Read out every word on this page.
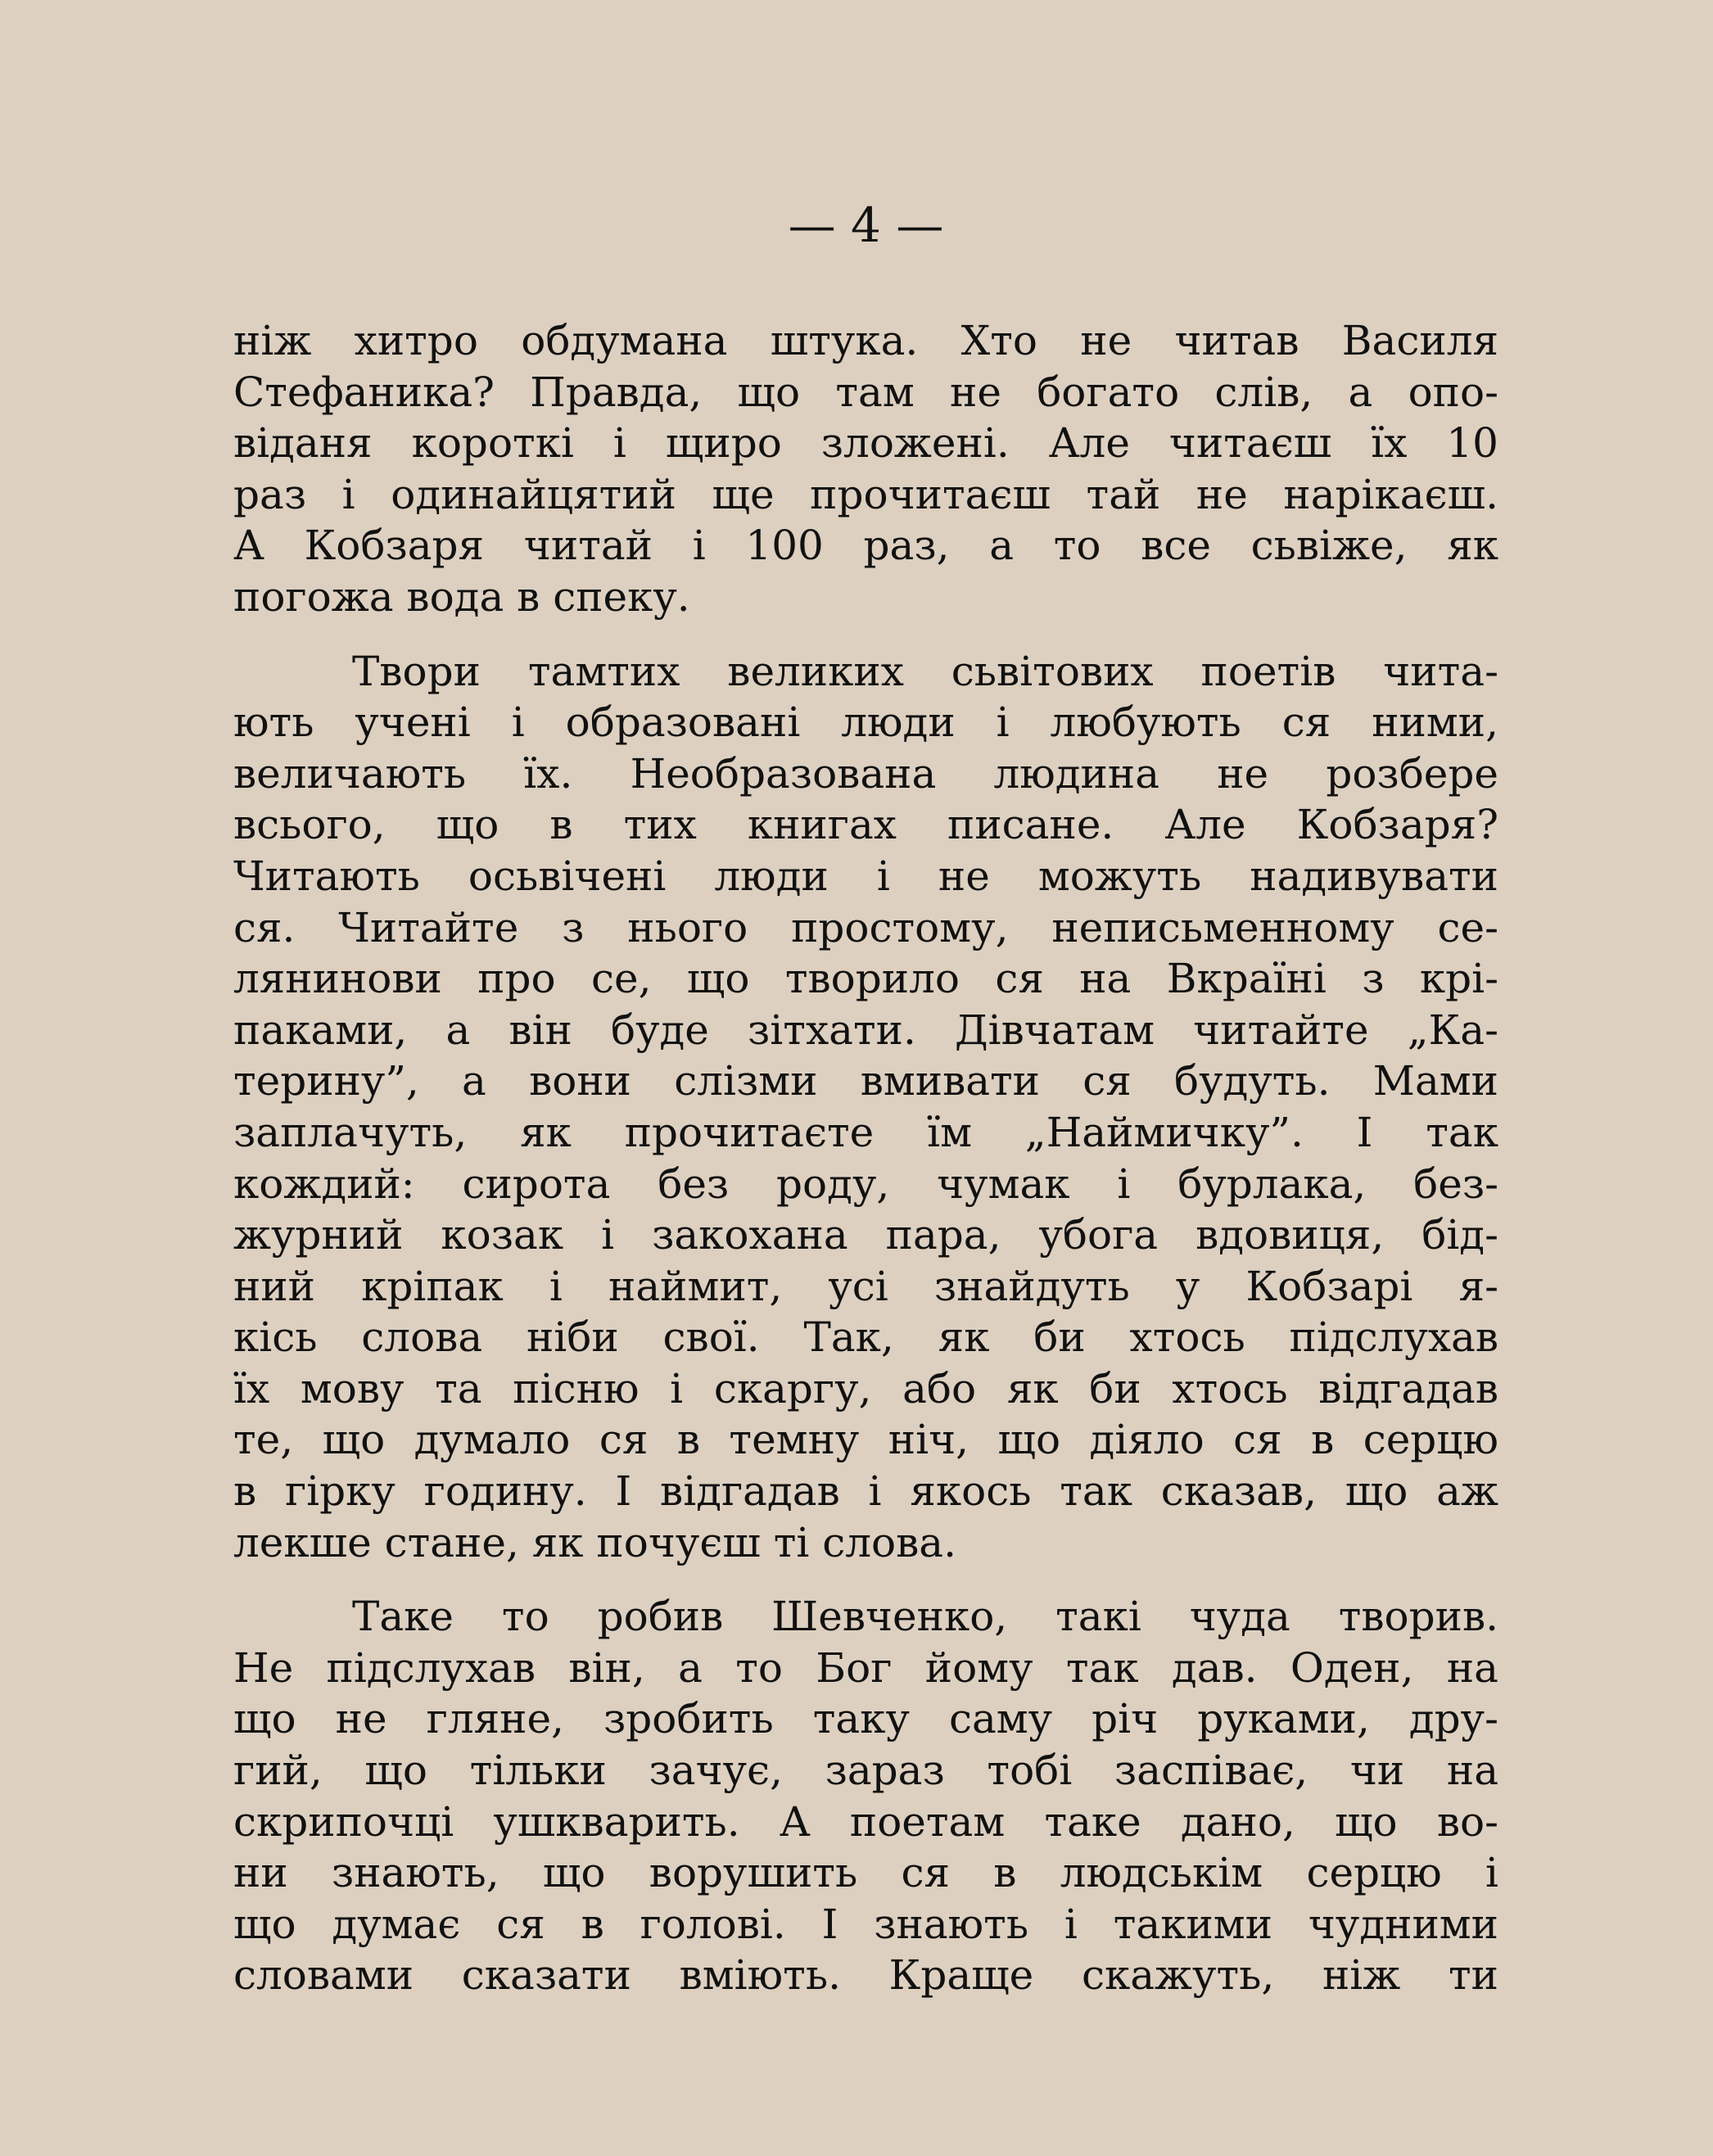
— 4 —
ніж хитро обдумана штука. Хто не читав Василя
Стефаника? Правда, що там не богато слів, а опо-
віданя короткі і щиро зложені. Але читаєш їх 10
раз і одинайцятий ще прочитаєш тай не нарікаєш.
А Кобзаря читай і 100 раз, а то все сьвіже, як
погожа вода в спеку.
Твори тамтих великих сьвітових поетів чита-
ють учені і образовані люди і любують ся ними,
величають їх. Необразована людина не розбере
всього, що в тих книгах писане. Але Кобзаря?
Читають осьвічені люди і не можуть надивувати
ся. Читайте з нього простому, неписьменному се-
лянинови про се, що творило ся на Вкраїні з крі-
паками, а він буде зітхати. Дівчатам читайте „Ка-
терину”, а вони слізми вмивати ся будуть. Мами
заплачуть, як прочитаєте їм „Наймичку”. І так
кождий: сирота без роду, чумак і бурлака, без-
журний козак і закохана пара, убога вдовиця, бід-
ний кріпак і наймит, усі знайдуть у Кобзарі я-
кісь слова ніби свої. Так, як би хтось підслухав
їх мову та пісню і скаргу, або як би хтось відгадав
те, що думало ся в темну ніч, що діяло ся в серцю
в гірку годину. І відгадав і якось так сказав, що аж
лекше стане, як почуєш ті слова.
Таке то робив Шевченко, такі чуда творив.
Не підслухав він, а то Бог йому так дав. Оден, на
що не гляне, зробить таку саму річ руками, дру-
гий, що тільки зачує, зараз тобі заспіває, чи на
скрипочці ушкварить. А поетам таке дано, що во-
ни знають, що ворушить ся в людськім серцю і
що думає ся в голові. І знають і такими чудними
словами сказати вміють. Краще скажуть, ніж ти
